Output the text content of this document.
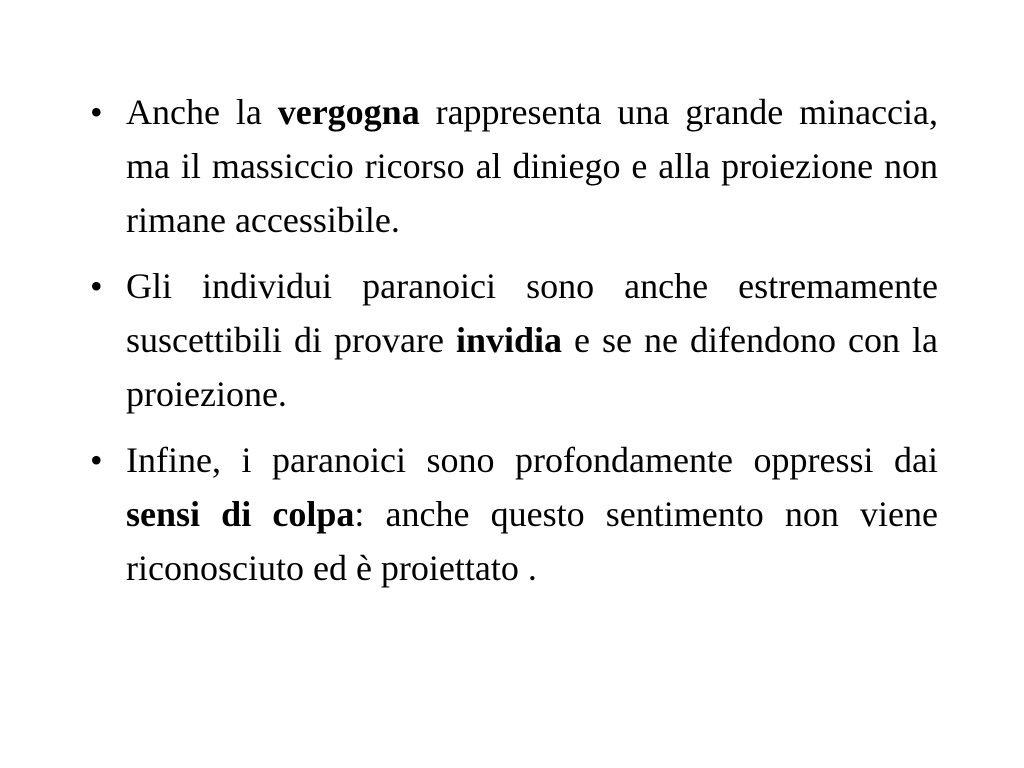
• Anche la vergogna rappresenta una grande minaccia, ma il massiccio ricorso al diniego e alla proiezione non rimane accessibile.
• Gli individui paranoici sono anche estremamente suscettibili di provare invidia e se ne difendono con la proiezione.
• Infine, i paranoici sono profondamente oppressi dai sensi di colpa: anche questo sentimento non viene riconosciuto ed è proiettato .
